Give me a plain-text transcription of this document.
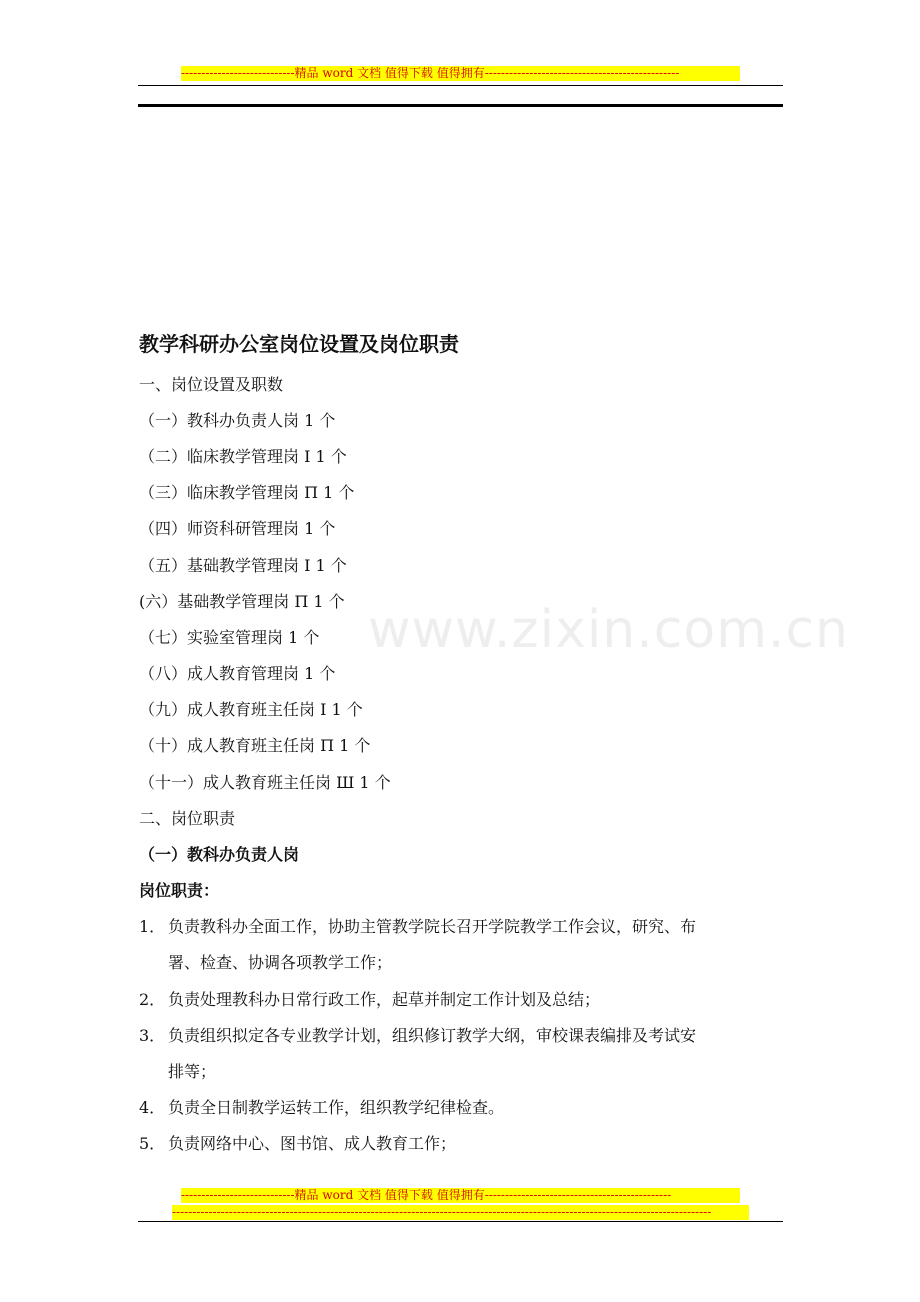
----------------------------精品 word 文档 值得下载 值得拥有------------------------------------------------
www.zixin.com.cn
教学科研办公室岗位设置及岗位职责
一、岗位设置及职数
（一）教科办负责人岗 1 个
（二）临床教学管理岗 I 1 个
（三）临床教学管理岗 Π 1 个
（四）师资科研管理岗 1 个
（五）基础教学管理岗 I 1 个
(六）基础教学管理岗 Π 1 个
（七）实验室管理岗 1 个
（八）成人教育管理岗 1 个
（九）成人教育班主任岗 I 1 个
（十）成人教育班主任岗 Π 1 个
（十一）成人教育班主任岗 Ш 1 个
二、岗位职责
（一）教科办负责人岗
岗位职责：
1． 负责教科办全面工作，协助主管教学院长召开学院教学工作会议，研究、布
署、检查、协调各项教学工作；
2． 负责处理教科办日常行政工作，起草并制定工作计划及总结；
3． 负责组织拟定各专业教学计划，组织修订教学大纲，审校课表编排及考试安
排等；
4． 负责全日制教学运转工作，组织教学纪律检查。
5． 负责网络中心、图书馆、成人教育工作；
----------------------------精品 word 文档 值得下载 值得拥有----------------------------------------------
-------------------------------------------------------------------------------------------------------------------------------------
